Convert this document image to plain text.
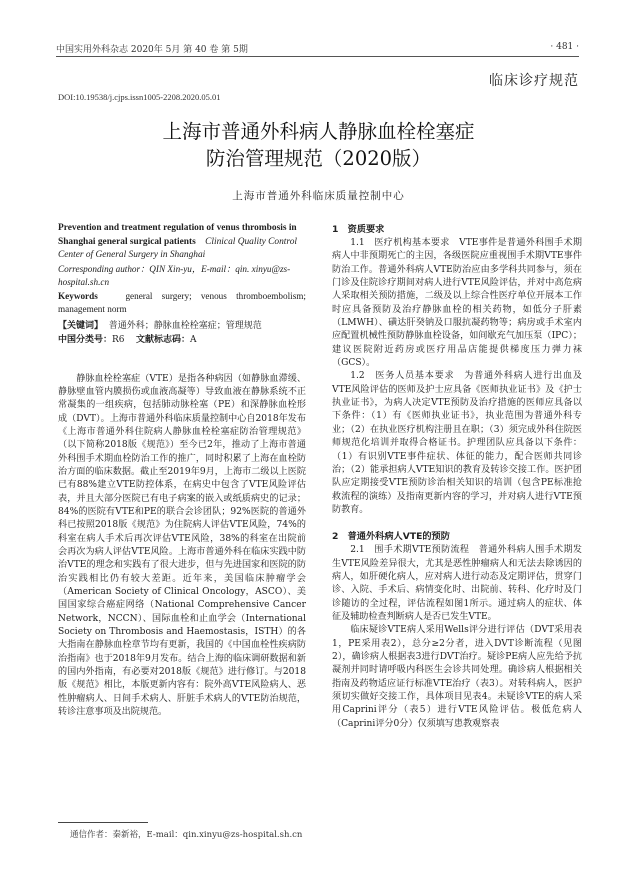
中国实用外科杂志 2020年 5月 第 40 卷 第 5期	· 481 ·
临床诊疗规范
DOI:10.19538/j.cjps.issn1005-2208.2020.05.01
上海市普通外科病人静脉血栓栓塞症
防治管理规范（2020版）
上海市普通外科临床质量控制中心
Prevention and treatment regulation of venus thrombosis in Shanghai general surgical patients Clinical Quality Control Center of General Surgery in Shanghai
Corresponding author：QIN Xin-yu，E-mail：qin. xinyu@zs-hospital.sh.cn
Keywords	general surgery; venous thromboembolism; management norm
【关键词】 普通外科；静脉血栓栓塞症；管理规范
中国分类号：R6 文献标志码：A

静脉血栓栓塞症（VTE）是指各种病因（如静脉血滞缓、静脉壁血管内膜损伤或血液高凝等）导致血液在静脉系统不正常凝集的一组疾病，包括肺动脉栓塞（PE）和深静脉血栓形成（DVT）。上海市普通外科临床质量控制中心自2018年发布《上海市普通外科住院病人静脉血栓栓塞症防治管理规范》（以下简称2018版《规范》）至今已2年，推动了上海市普通外科围手术期血栓防治工作的推广，同时积累了上海在血栓防治方面的临床数据。截止至2019年9月，上海市二级以上医院已有88%建立VTE防控体系，在病史中包含了VTE风险评估表，并且大部分医院已有电子病案的嵌入或纸质病史的记录；84%的医院有VTE和PE的联合会诊团队；92%医院的普通外科已按照2018版《规范》为住院病人评估VTE风险，74%的科室在病人手术后再次评估VTE风险，38%的科室在出院前会再次为病人评估VTE风险。上海市普通外科在临床实践中防治VTE的理念和实践有了很大进步，但与先进国家和医院的防治实践相比仍有较大差距。近年来，美国临床肿瘤学会（American Society of Clinical Oncology，ASCO）、美国国家综合癌症网络（National Comprehensive Cancer Network，NCCN）、国际血栓和止血学会（International Society on Thrombosis and Haemostasis，ISTH）的各大指南在静脉血栓章节均有更新，我国的《中国血栓性疾病防治指南》也于2018年9月发布。结合上海的临床调研数据和新的国内外指南，有必要对2018版《规范》进行修订。与2018版《规范》相比，本版更新内容有：院外高VTE风险病人、恶性肿瘤病人、日间手术病人、肝脏手术病人的VTE防治规范，转诊注意事项及出院规范。

1　资质要求

1.1　医疗机构基本要求　VTE事件是普通外科围手术期病人中非预期死亡的主因，各级医院应重视围手术期VTE事件防治工作。普通外科病人VTE防治应由多学科共同参与，须在门诊及住院诊疗期间对病人进行VTE风险评估，并对中高危病人采取相关预防措施，二级及以上综合性医疗单位开展本工作时应具备预防及治疗静脉血栓的相关药物，如低分子肝素（LMWH）、磺达肝癸钠及口服抗凝药物等；病房或手术室内应配置机械性预防静脉血栓设备，如间歇充气加压泵（IPC）；建议医院附近药房或医疗用品店能提供梯度压力弹力袜（GCS）。

1.2　医务人员基本要求　为普通外科病人进行出血及VTE风险评估的医师及护士应具备《医师执业证书》及《护士执业证书》，为病人决定VTE预防及治疗措施的医师应具备以下条件：（1）有《医师执业证书》，执业范围为普通外科专业；（2）在执业医疗机构注册且在职；（3）须完成外科住院医师规范化培训并取得合格证书。护理团队应具备以下条件：（1）有识别VTE事件症状、体征的能力，配合医师共同诊治；（2）能承担病人VTE知识的教育及转诊交接工作。医护团队应定期接受VTE预防诊治相关知识的培训（包含PE标准抢救流程的演练）及指南更新内容的学习，并对病人进行VTE预防教育。

2　普通外科病人VTE的预防

2.1　围手术期VTE预防流程　普通外科病人围手术期发生VTE风险差异很大，尤其是恶性肿瘤病人和无法去除诱因的病人，如肝硬化病人，应对病人进行动态及定期评估，贯穿门诊、入院、手术后、病情变化时、出院前、转科、化疗时及门诊随访的全过程，评估流程如图1所示。通过病人的症状、体征及辅助检查判断病人是否已发生VTE。

临床疑诊VTE病人采用Wells评分进行评估（DVT采用表1，PE采用表2），总分≥2分者，进入DVT诊断流程（见图2），确诊病人根据表3进行DVT治疗。疑诊PE病人应先给予抗凝剂并同时请呼吸内科医生会诊共同处理。确诊病人根据相关指南及药物适应证行标准VTE治疗（表3）。对转科病人，医护须切实做好交接工作，具体项目见表4。未疑诊VTE的病人采用Caprini评分（表5）进行VTE风险评估。极低危病人（Caprini评分0分）仅须填写患教观察表

通信作者：秦新裕，E-mail：qin.xinyu@zs-hospital.sh.cn
